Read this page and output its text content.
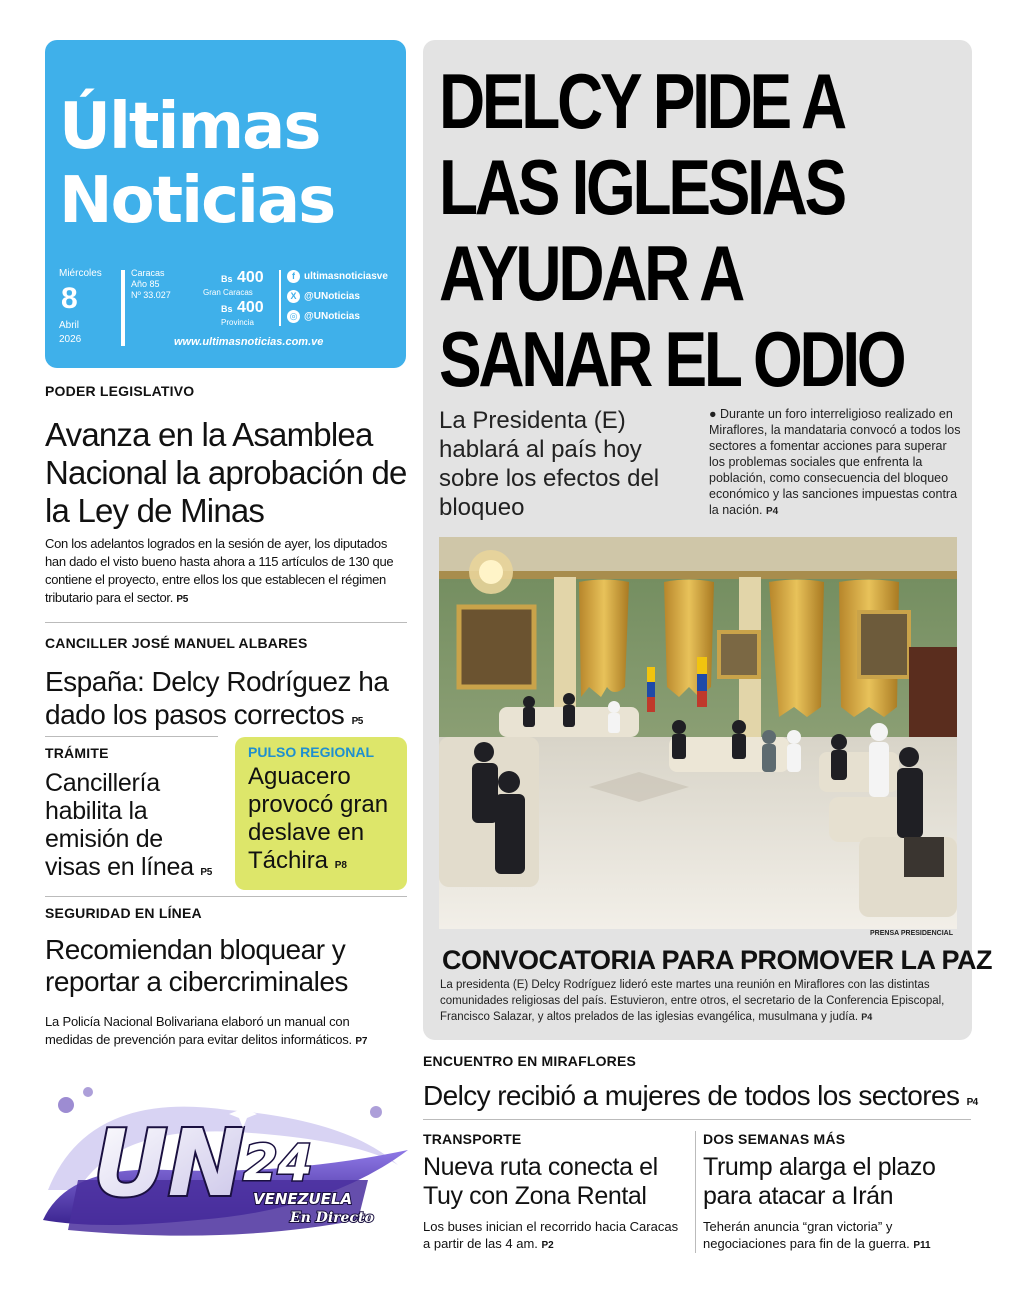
Últimas
Noticias
Miércoles
8
Abril
2026
Caracas
Año 85
Nº 33.027
Bs 400
Gran Caracas
Bs 400
Provincia
f ultimasnoticiasve
X @UNoticias
◎ @UNoticias
www.ultimasnoticias.com.ve
PODER LEGISLATIVO
Avanza en la Asamblea Nacional la aprobación de la Ley de Minas
Con los adelantos logrados en la sesión de ayer, los diputados han dado el visto bueno hasta ahora a 115 artículos de 130 que contiene el proyecto, entre ellos los que establecen el régimen tributario para el sector. P5
CANCILLER JOSÉ MANUEL ALBARES
España: Delcy Rodríguez ha dado los pasos correctos P5
TRÁMITE
Cancillería habilita la emisión de visas en línea P5
PULSO REGIONAL
Aguacero provocó gran deslave en Táchira P8
SEGURIDAD EN LÍNEA
Recomiendan bloquear y reportar a cibercriminales
La Policía Nacional Bolivariana elaboró un manual con medidas de prevención para evitar delitos informáticos. P7
UN
24
VENEZUELA
En Directo
DELCY PIDE A
LAS IGLESIAS
AYUDAR A
SANAR EL ODIO
La Presidenta (E) hablará al país hoy sobre los efectos del bloqueo
● Durante un foro interreligioso realizado en Miraflores, la mandataria convocó a todos los sectores a fomentar acciones para superar los problemas sociales que enfrenta la población, como consecuencia del bloqueo económico y las sanciones impuestas contra la nación. P4
PRENSA PRESIDENCIAL
CONVOCATORIA PARA PROMOVER LA PAZ
La presidenta (E) Delcy Rodríguez lideró este martes una reunión en Miraflores con las distintas comunidades religiosas del país. Estuvieron, entre otros, el secretario de la Conferencia Episcopal, Francisco Salazar, y altos prelados de las iglesias evangélica, musulmana y judía. P4
ENCUENTRO EN MIRAFLORES
Delcy recibió a mujeres de todos los sectores P4
TRANSPORTE
Nueva ruta conecta el Tuy con Zona Rental
Los buses inician el recorrido hacia Caracas a partir de las 4 am. P2
DOS SEMANAS MÁS
Trump alarga el plazo para atacar a Irán
Teherán anuncia “gran victoria” y negociaciones para fin de la guerra. P11
